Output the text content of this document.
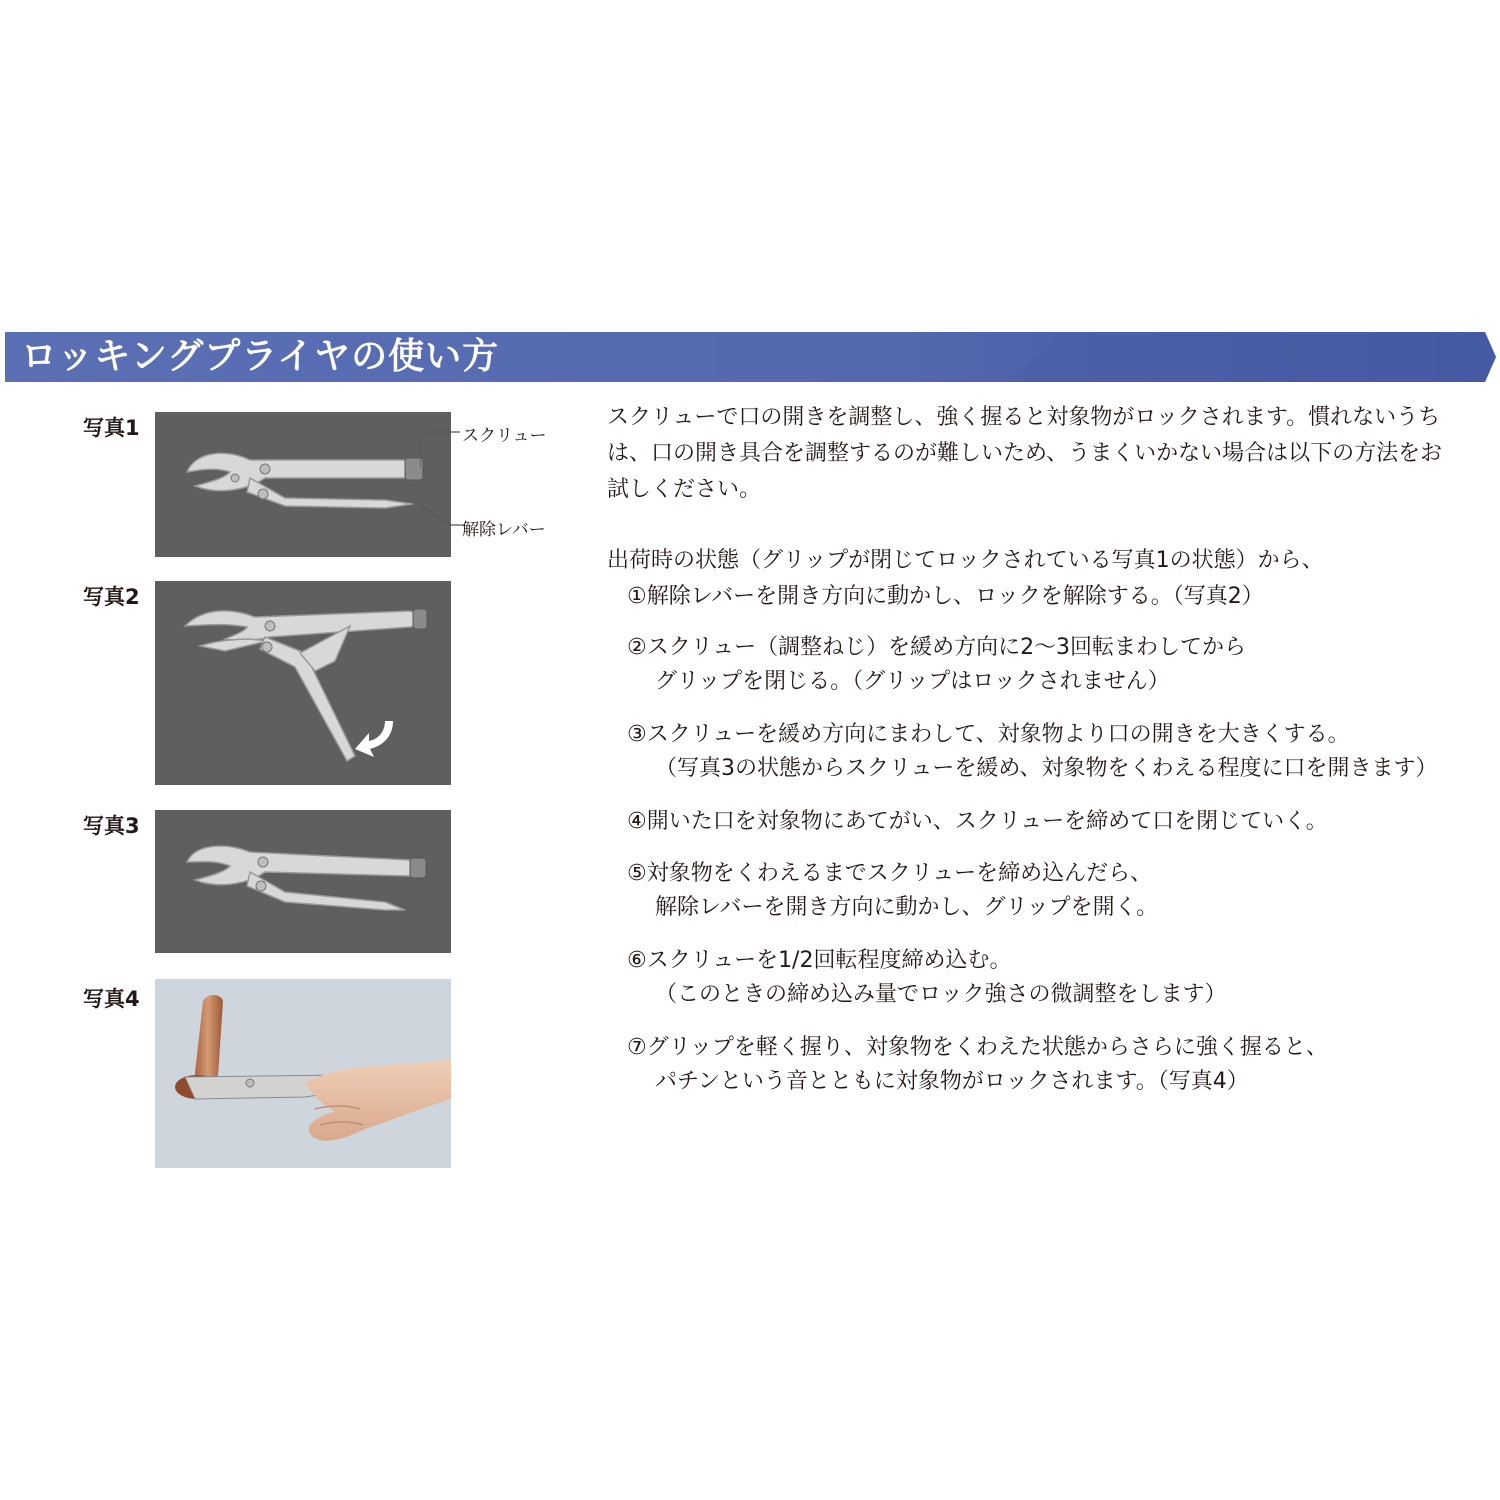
ロッキングプライヤの使い方
写真1	スクリュー
解除レバー
写真2
写真3
写真4

スクリューで口の開きを調整し、強く握ると対象物がロックされます。慣れないうちは、口の開き具合を調整するのが難しいため、うまくいかない場合は以下の方法をお試しください。

出荷時の状態（グリップが閉じてロックされている写真1の状態）から、

①解除レバーを開き方向に動かし、ロックを解除する。（写真2）
②スクリュー（調整ねじ）を緩め方向に2～3回転まわしてから
グリップを閉じる。（グリップはロックされません）
③スクリューを緩め方向にまわして、対象物より口の開きを大きくする。
（写真3の状態からスクリューを緩め、対象物をくわえる程度に口を開きます）
④開いた口を対象物にあてがい、スクリューを締めて口を閉じていく。
⑤対象物をくわえるまでスクリューを締め込んだら、
解除レバーを開き方向に動かし、グリップを開く。
⑥スクリューを1/2回転程度締め込む。
（このときの締め込み量でロック強さの微調整をします）
⑦グリップを軽く握り、対象物をくわえた状態からさらに強く握ると、
パチンという音とともに対象物がロックされます。（写真4）
